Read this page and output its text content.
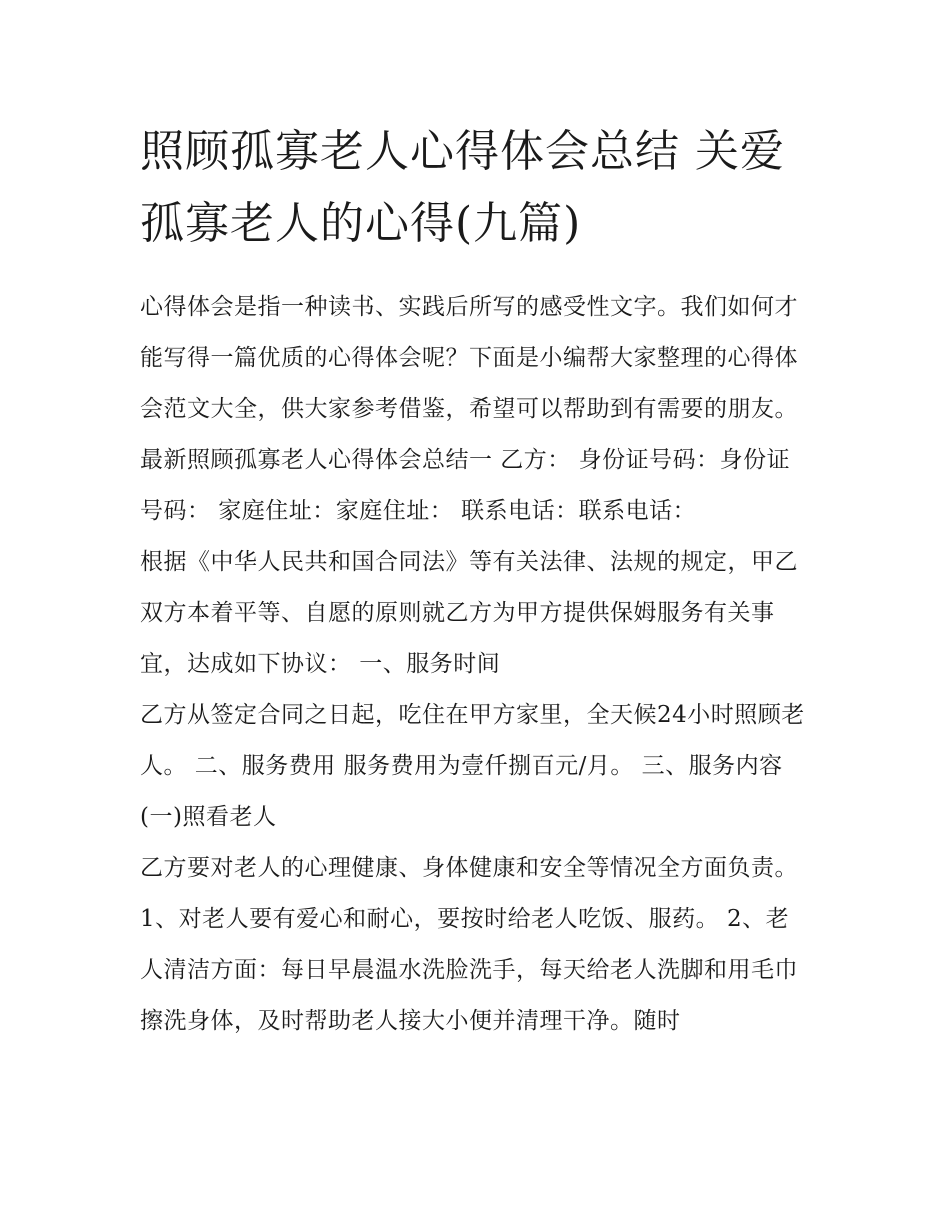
照顾孤寡老人心得体会总结 关爱孤寡老人的心得(九篇)

心得体会是指一种读书、实践后所写的感受性文字。我们如何才能写得一篇优质的心得体会呢？下面是小编帮大家整理的心得体会范文大全，供大家参考借鉴，希望可以帮助到有需要的朋友。

最新照顾孤寡老人心得体会总结一 乙方： 身份证号码：身份证号码： 家庭住址：家庭住址： 联系电话：联系电话：

根据《中华人民共和国合同法》等有关法律、法规的规定，甲乙双方本着平等、自愿的原则就乙方为甲方提供保姆服务有关事宜，达成如下协议： 一、服务时间

乙方从签定合同之日起，吃住在甲方家里，全天候24小时照顾老人。 二、服务费用 服务费用为壹仟捌百元/月。 三、服务内容 (一)照看老人

乙方要对老人的心理健康、身体健康和安全等情况全方面负责。 1、对老人要有爱心和耐心，要按时给老人吃饭、服药。 2、老人清洁方面：每日早晨温水洗脸洗手，每天给老人洗脚和用毛巾擦洗身体，及时帮助老人接大小便并清理干净。随时
